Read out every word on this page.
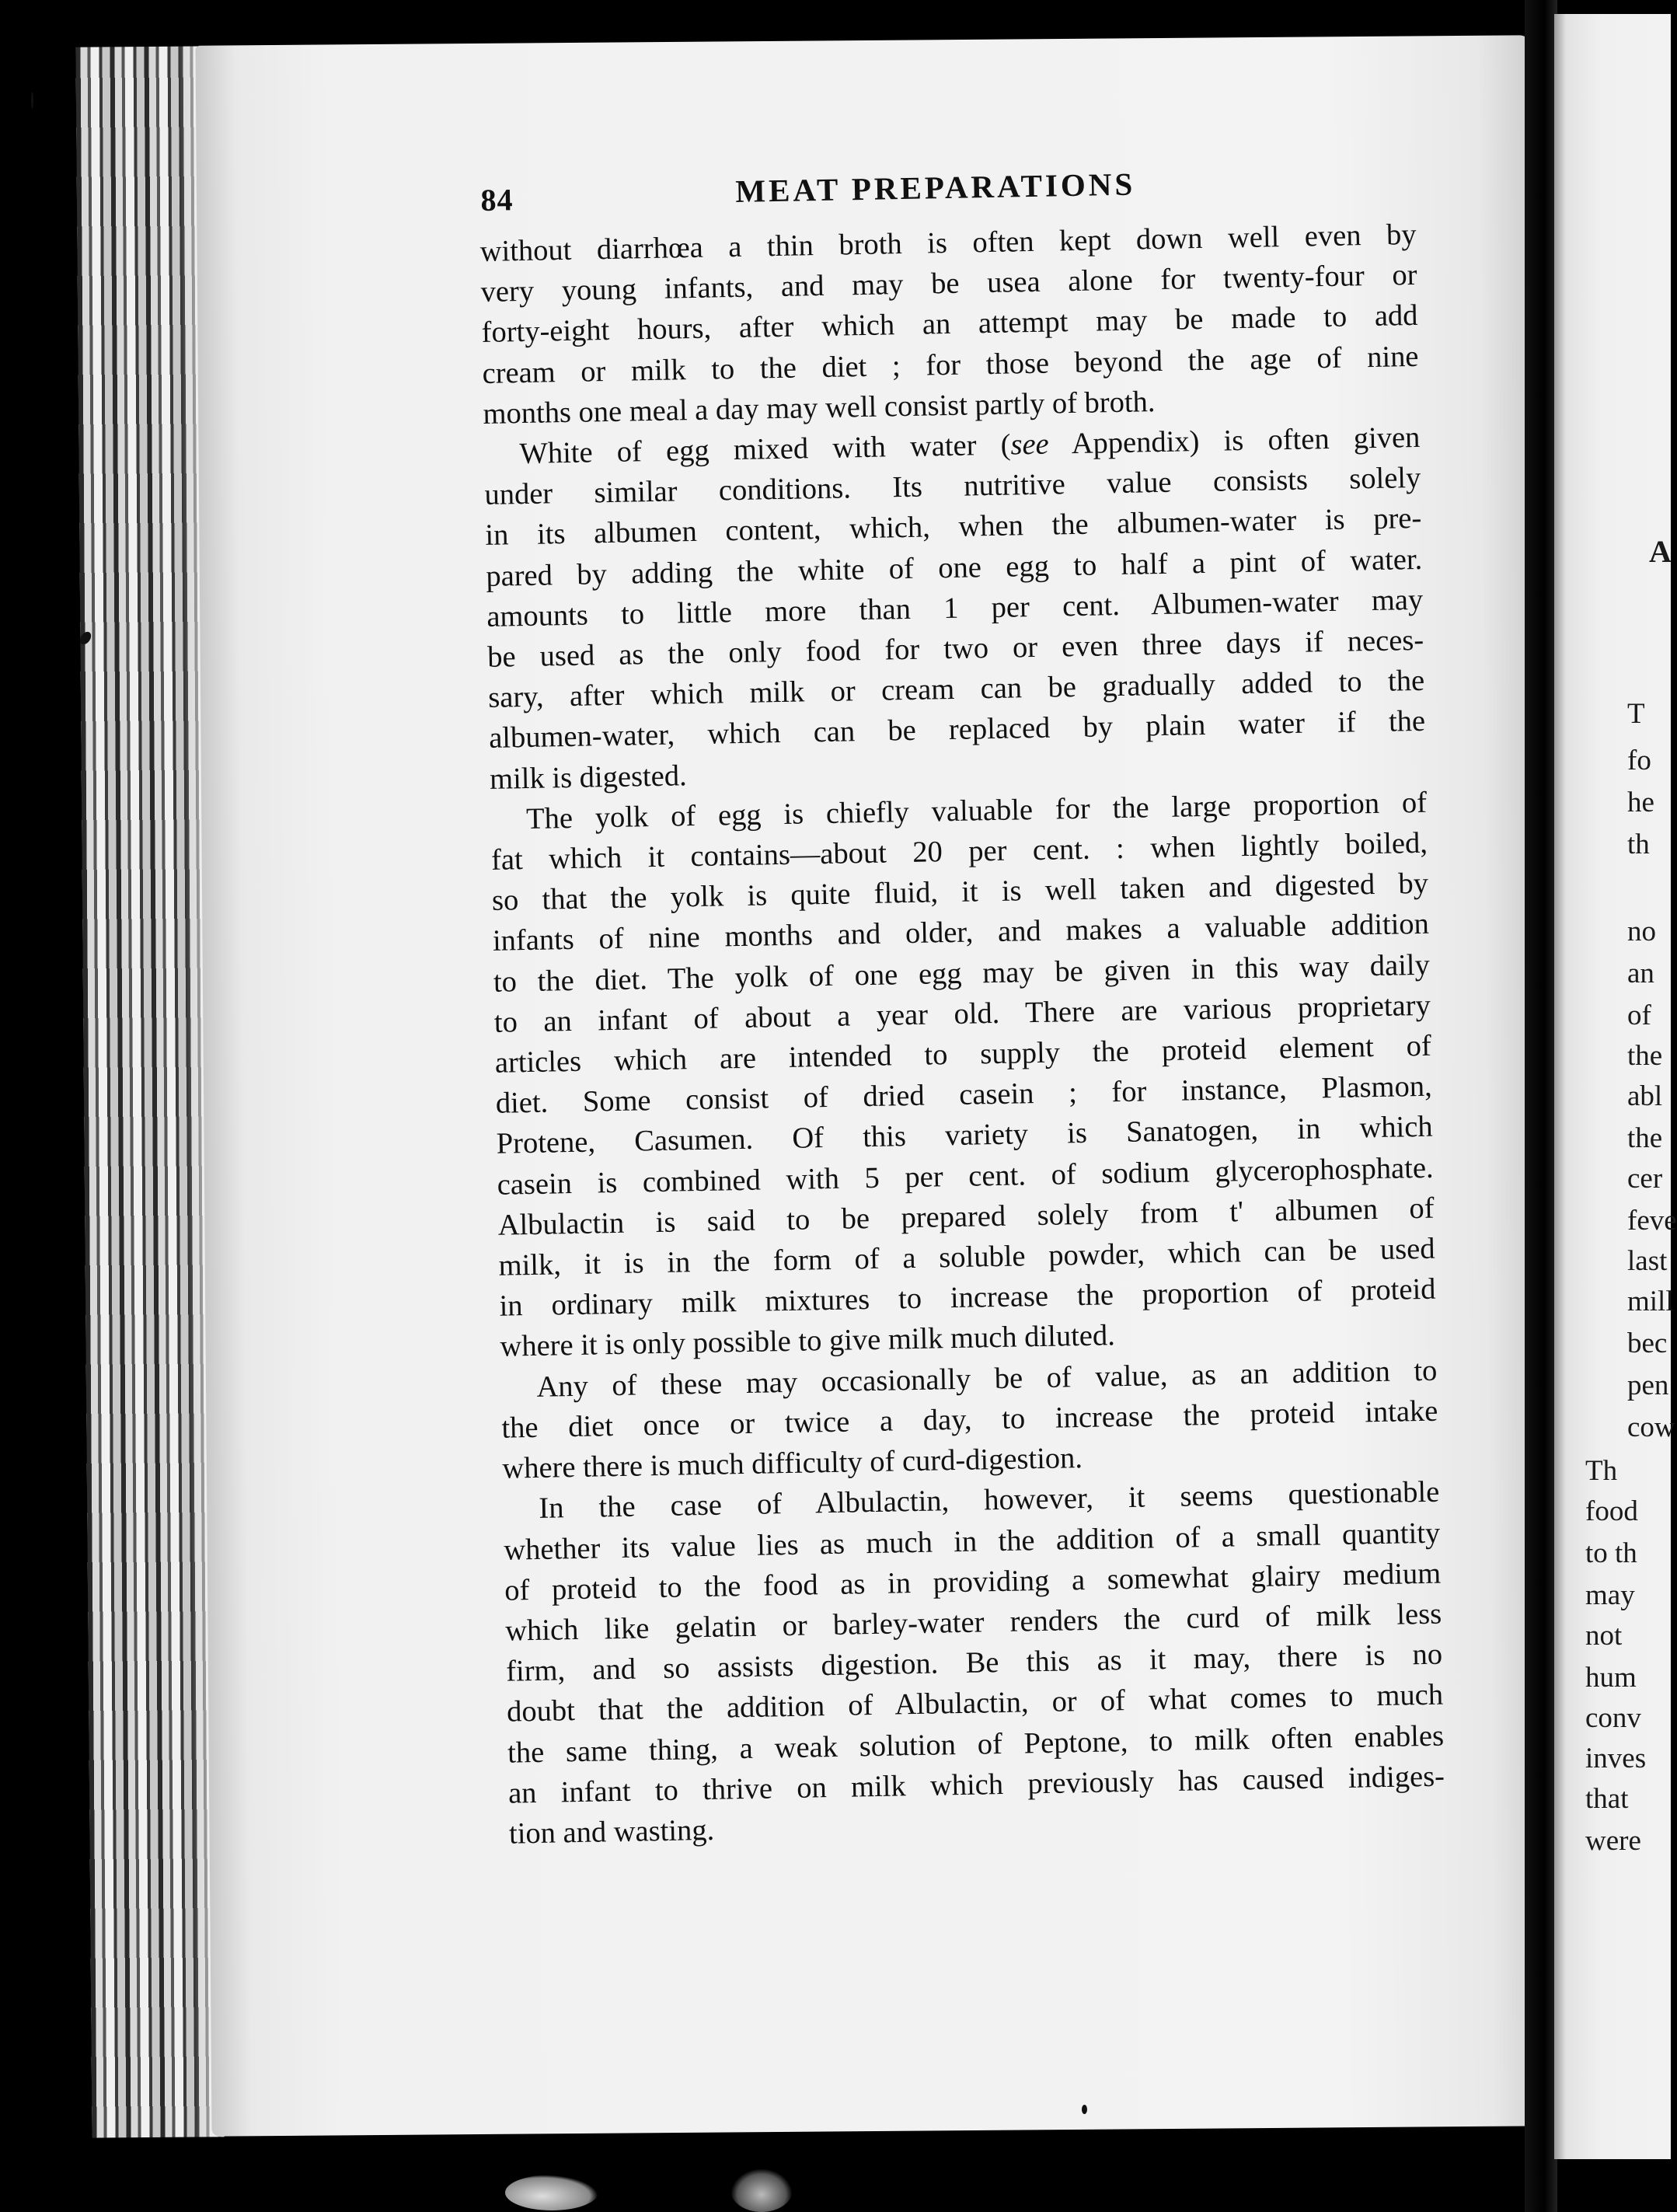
A
T
fo
he
th
no
an
of
the
abl
the
cer
feve
last
mill
bec
pen
cow
Th
food
to th
may
not
hum
conv
inves
that
were
84	MEAT PREPARATIONS
without diarrhœa a thin broth is often kept down well even by
very young infants, and may be usea alone for twenty-four or
forty-eight hours, after which an attempt may be made to add
cream or milk to the diet ; for those beyond the age of nine
months one meal a day may well consist partly of broth.
White of egg mixed with water (see Appendix) is often given
under similar conditions. Its nutritive value consists solely
in its albumen content, which, when the albumen-water is pre-
pared by adding the white of one egg to half a pint of water.
amounts to little more than 1 per cent. Albumen-water may
be used as the only food for two or even three days if neces-
sary, after which milk or cream can be gradually added to the
albumen-water, which can be replaced by plain water if the
milk is digested.
The yolk of egg is chiefly valuable for the large proportion of
fat which it contains—about 20 per cent. : when lightly boiled,
so that the yolk is quite fluid, it is well taken and digested by
infants of nine months and older, and makes a valuable addition
to the diet. The yolk of one egg may be given in this way daily
to an infant of about a year old. There are various proprietary
articles which are intended to supply the proteid element of
diet. Some consist of dried casein ; for instance, Plasmon,
Protene, Casumen. Of this variety is Sanatogen, in which
casein is combined with 5 per cent. of sodium glycerophosphate.
Albulactin is said to be prepared solely from t' albumen of
milk, it is in the form of a soluble powder, which can be used
in ordinary milk mixtures to increase the proportion of proteid
where it is only possible to give milk much diluted.
Any of these may occasionally be of value, as an addition to
the diet once or twice a day, to increase the proteid intake
where there is much difficulty of curd-digestion.
In the case of Albulactin, however, it seems questionable
whether its value lies as much in the addition of a small quantity
of proteid to the food as in providing a somewhat glairy medium
which like gelatin or barley-water renders the curd of milk less
firm, and so assists digestion. Be this as it may, there is no
doubt that the addition of Albulactin, or of what comes to much
the same thing, a weak solution of Peptone, to milk often enables
an infant to thrive on milk which previously has caused indiges-
tion and wasting.
